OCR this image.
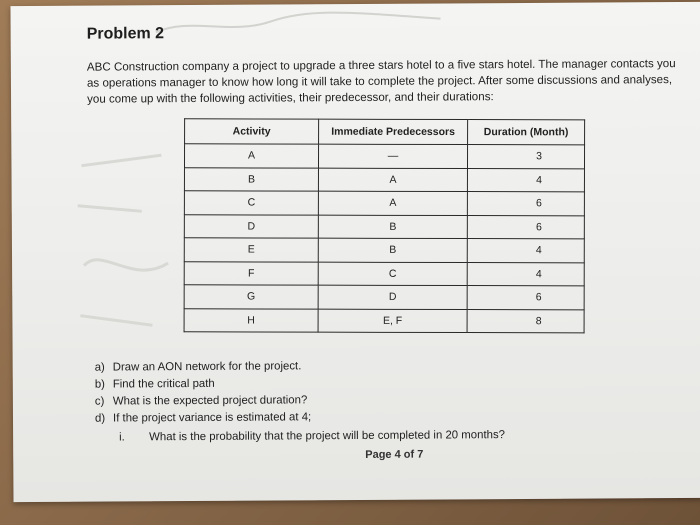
Problem 2
ABC Construction company a project to upgrade a three stars hotel to a five stars hotel. The manager contacts you as operations manager to know how long it will take to complete the project. After some discussions and analyses, you come up with the following activities, their predecessor, and their durations:
Activity	Immediate Predecessors	Duration (Month)
A	—	3
B	A	4
C	A	6
D	B	6
E	B	4
F	C	4
G	D	6
H	E, F	8
a) Draw an AON network for the project.
b) Find the critical path
c) What is the expected project duration?
d) If the project variance is estimated at 4;
i. What is the probability that the project will be completed in 20 months?
Page 4 of 7
